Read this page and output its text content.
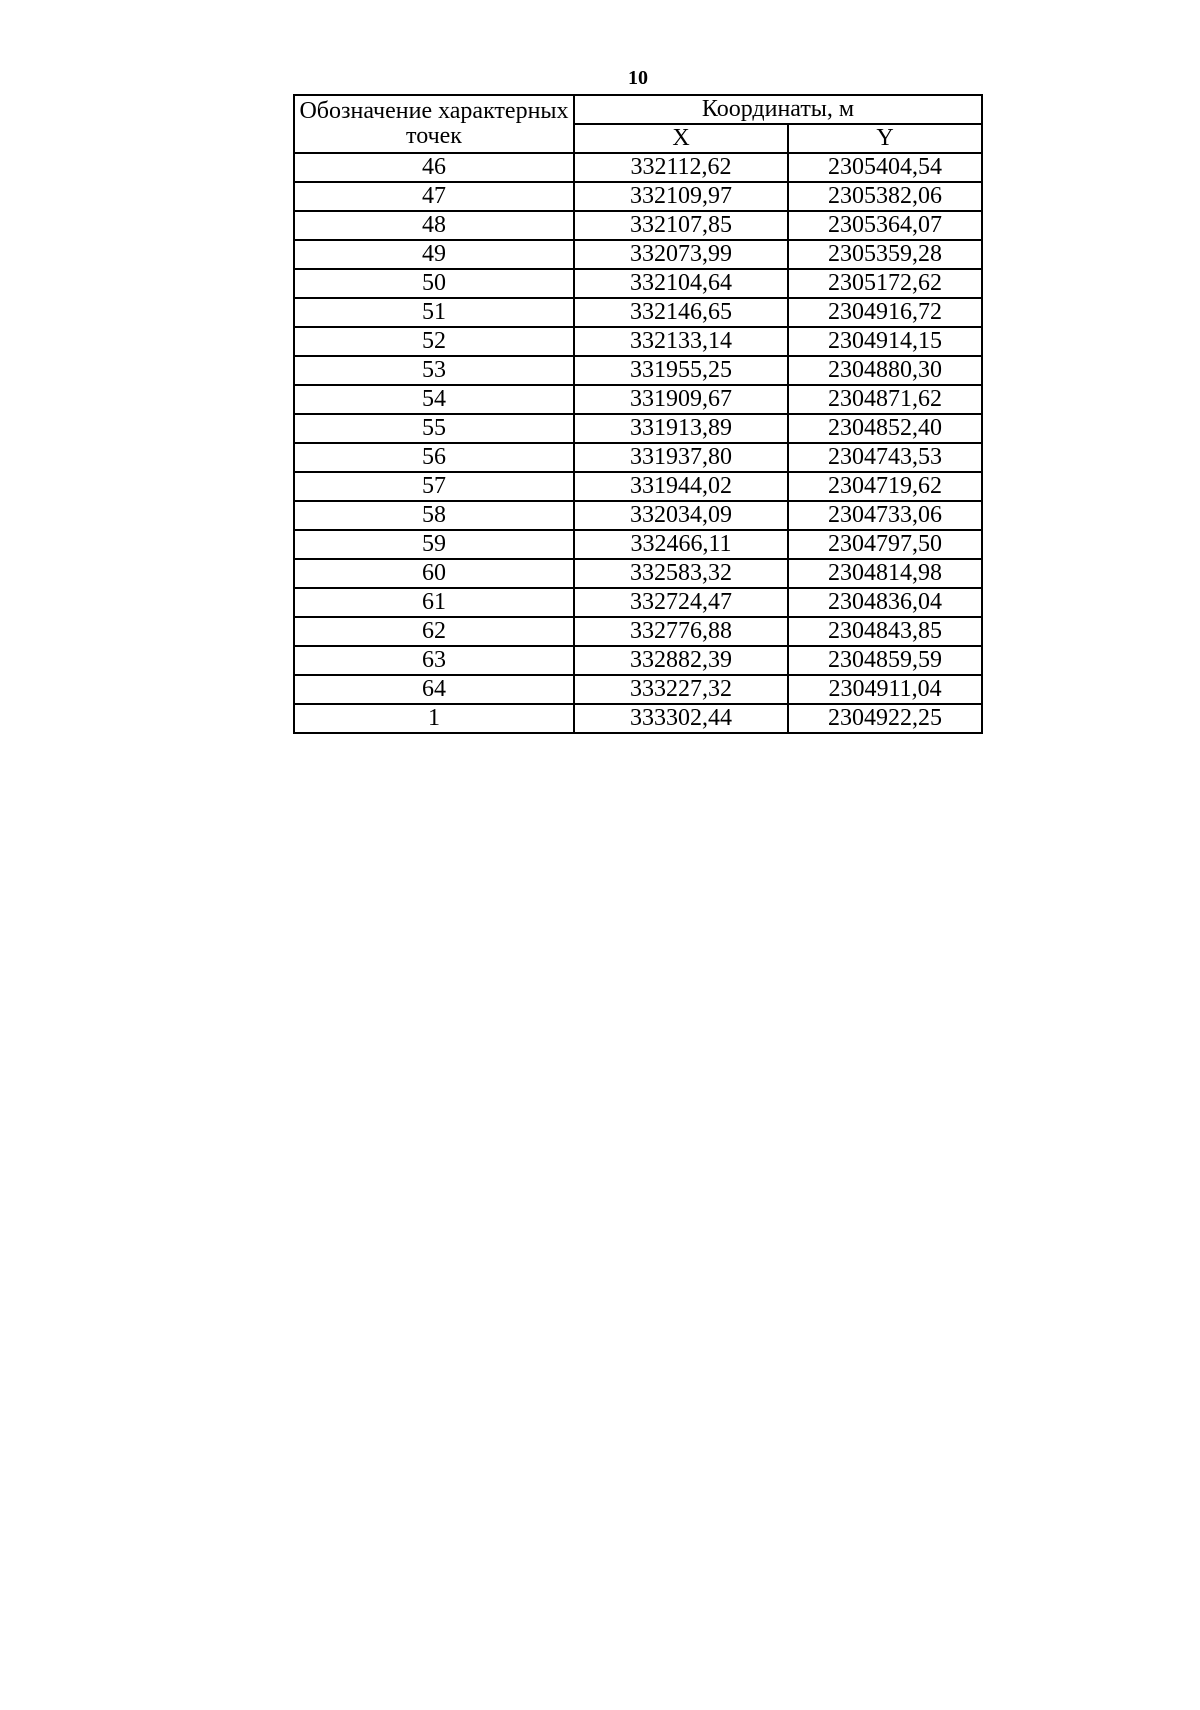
10
Обозначение характерных точек	Координаты, м	
	X	Y
46	332112,62	2305404,54
47	332109,97	2305382,06
48	332107,85	2305364,07
49	332073,99	2305359,28
50	332104,64	2305172,62
51	332146,65	2304916,72
52	332133,14	2304914,15
53	331955,25	2304880,30
54	331909,67	2304871,62
55	331913,89	2304852,40
56	331937,80	2304743,53
57	331944,02	2304719,62
58	332034,09	2304733,06
59	332466,11	2304797,50
60	332583,32	2304814,98
61	332724,47	2304836,04
62	332776,88	2304843,85
63	332882,39	2304859,59
64	333227,32	2304911,04
1	333302,44	2304922,25
